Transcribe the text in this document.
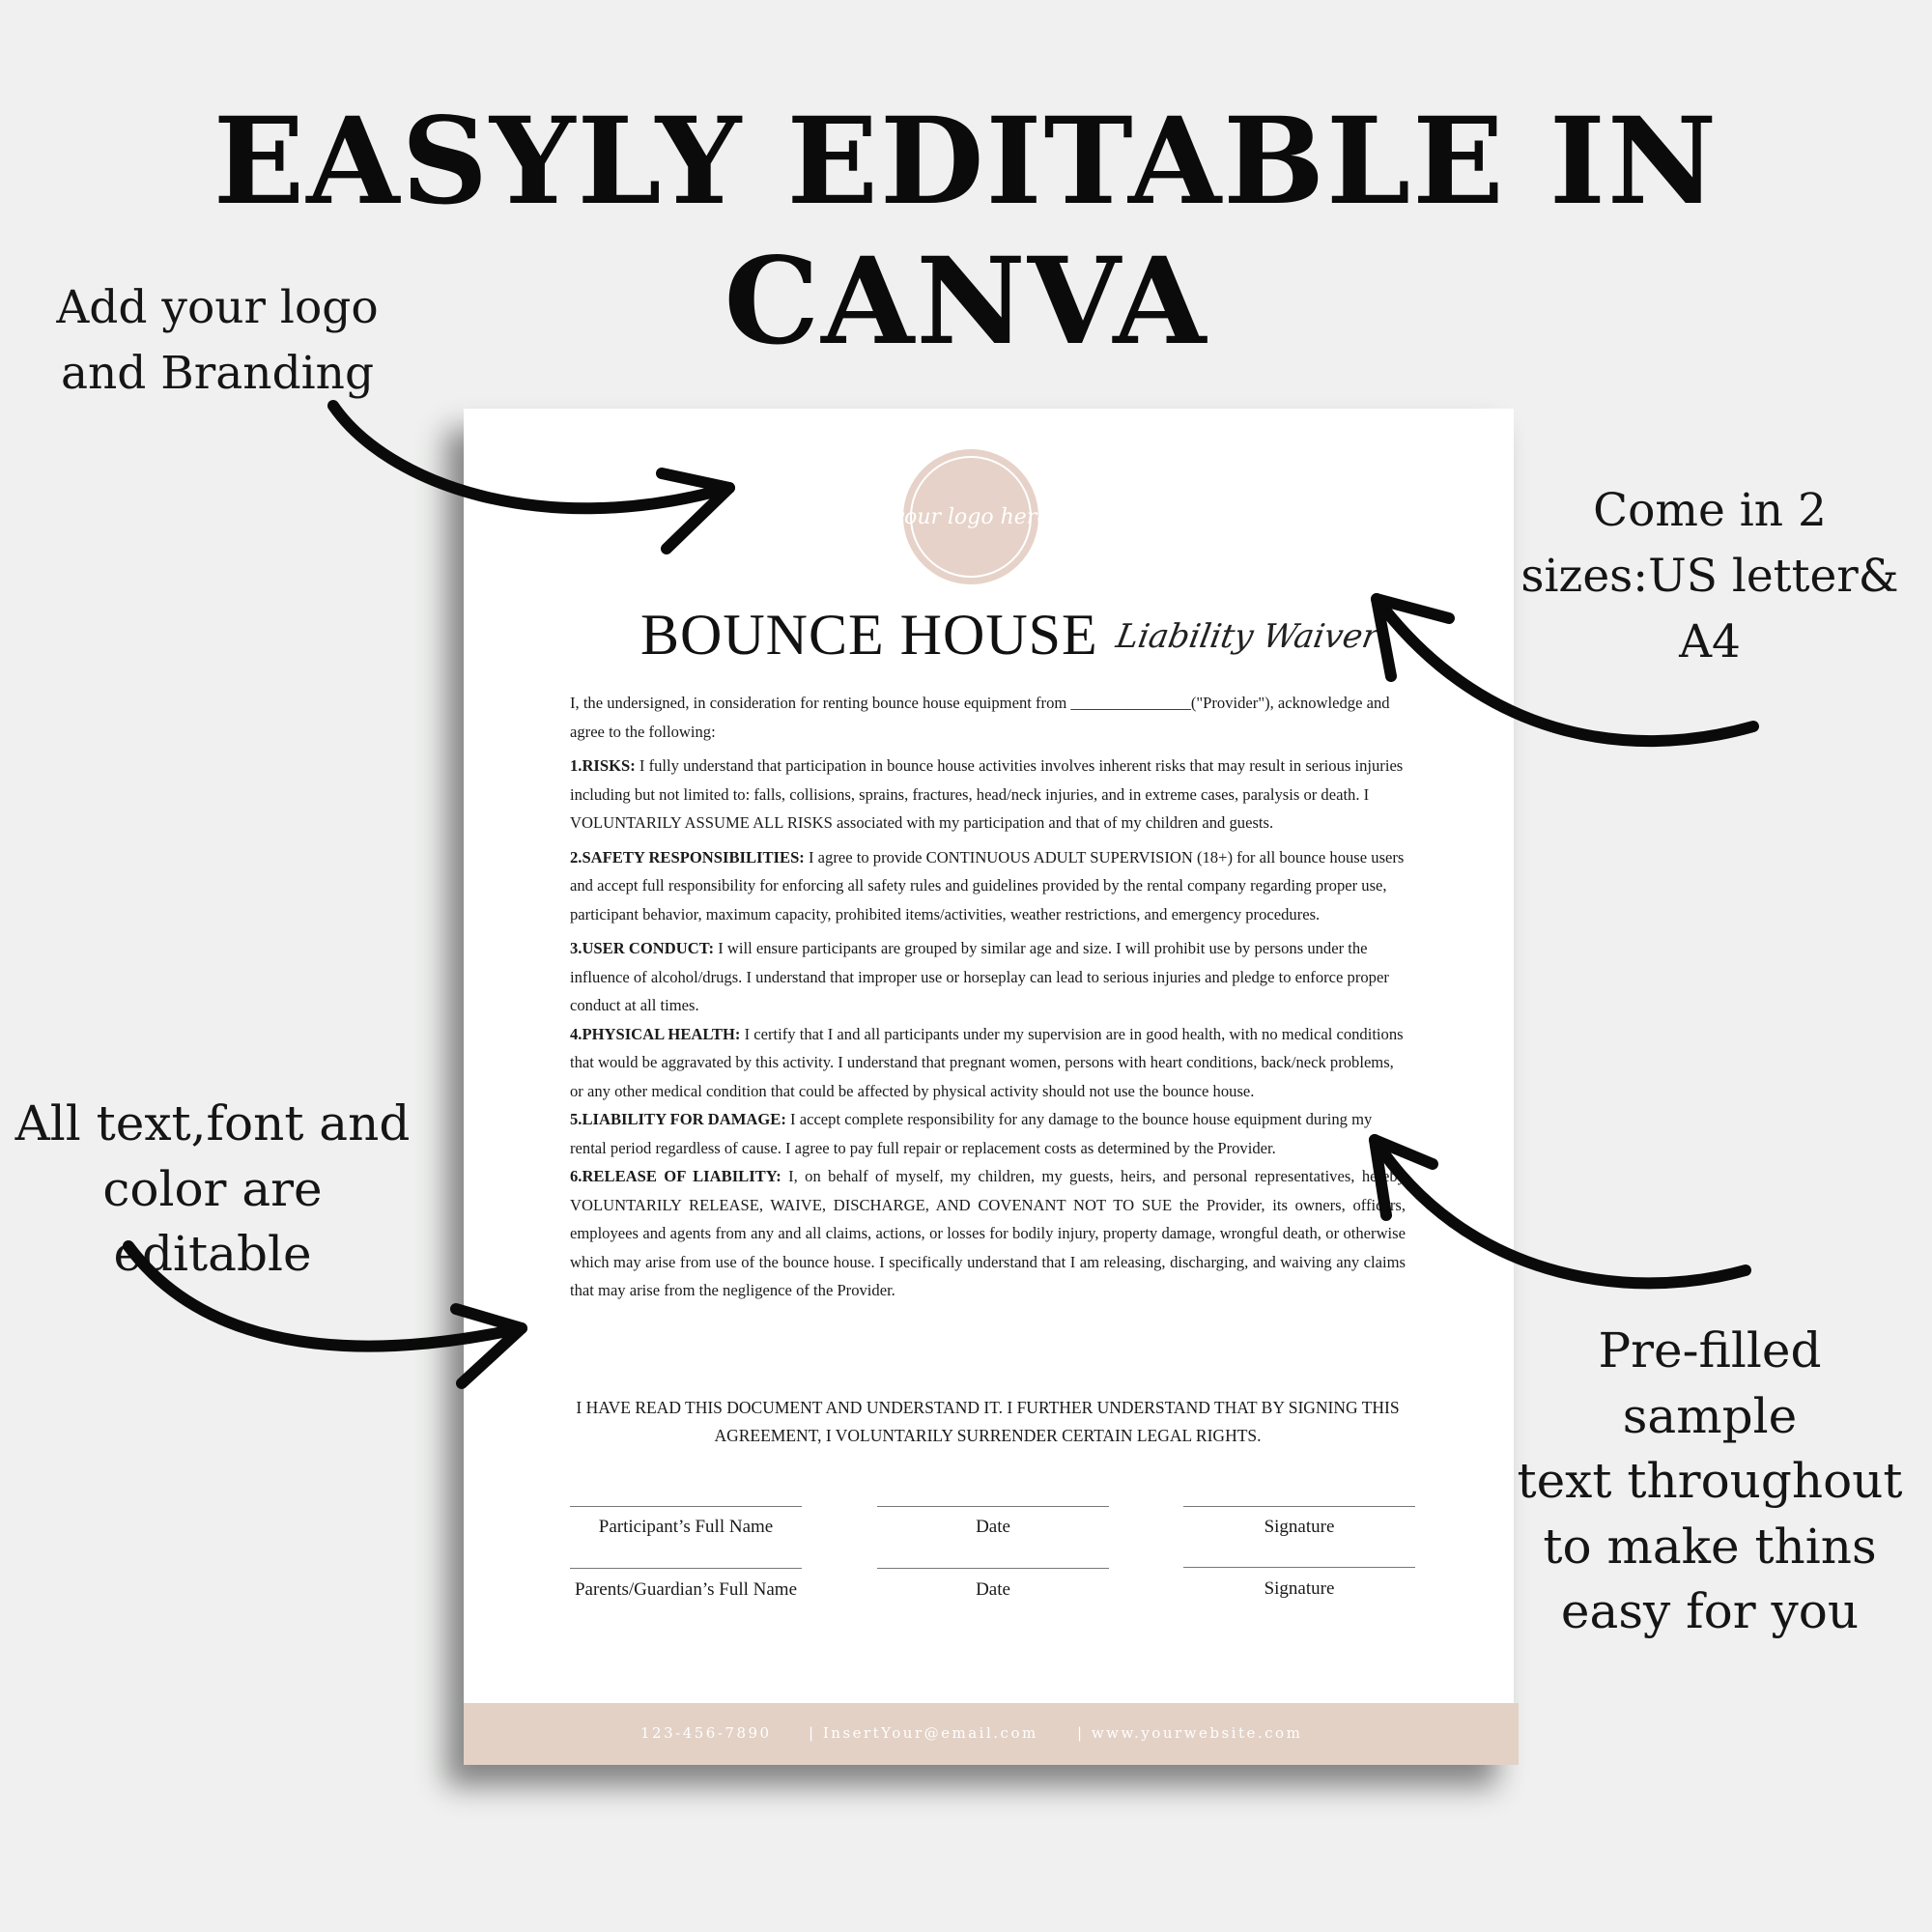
EASYLY EDITABLE IN CANVA
Add your logo
and Branding
Come in 2
sizes:US letter&
A4
All text,font and
color are editable
Pre-filled sample
text throughout
to make thins
easy for you
your logo here
BOUNCE HOUSE Liability Waiver

I, the undersigned, in consideration for renting bounce house equipment from _______________("Provider"), acknowledge and agree to the following:

1.RISKS: I fully understand that participation in bounce house activities involves inherent risks that may result in serious injuries including but not limited to: falls, collisions, sprains, fractures, head/neck injuries, and in extreme cases, paralysis or death. I VOLUNTARILY ASSUME ALL RISKS associated with my participation and that of my children and guests.

2.SAFETY RESPONSIBILITIES: I agree to provide CONTINUOUS ADULT SUPERVISION (18+) for all bounce house users and accept full responsibility for enforcing all safety rules and guidelines provided by the rental company regarding proper use, participant behavior, maximum capacity, prohibited items/activities, weather restrictions, and emergency procedures.

3.USER CONDUCT: I will ensure participants are grouped by similar age and size. I will prohibit use by persons under the influence of alcohol/drugs. I understand that improper use or horseplay can lead to serious injuries and pledge to enforce proper conduct at all times.

4.PHYSICAL HEALTH: I certify that I and all participants under my supervision are in good health, with no medical conditions that would be aggravated by this activity. I understand that pregnant women, persons with heart conditions, back/neck problems, or any other medical condition that could be affected by physical activity should not use the bounce house.

5.LIABILITY FOR DAMAGE: I accept complete responsibility for any damage to the bounce house equipment during my rental period regardless of cause. I agree to pay full repair or replacement costs as determined by the Provider.

6.RELEASE OF LIABILITY: I, on behalf of myself, my children, my guests, heirs, and personal representatives, hereby VOLUNTARILY RELEASE, WAIVE, DISCHARGE, AND COVENANT NOT TO SUE the Provider, its owners, officers, employees and agents from any and all claims, actions, or losses for bodily injury, property damage, wrongful death, or otherwise which may arise from use of the bounce house. I specifically understand that I am releasing, discharging, and waiving any claims that may arise from the negligence of the Provider.

I HAVE READ THIS DOCUMENT AND UNDERSTAND IT. I FURTHER UNDERSTAND THAT BY SIGNING THIS AGREEMENT, I VOLUNTARILY SURRENDER CERTAIN LEGAL RIGHTS.
Participant’s Full Name	Date	Signature
Parents/Guardian’s Full Name	Date	Signature
123-456-7890	| InsertYour@email.com	| www.yourwebsite.com
